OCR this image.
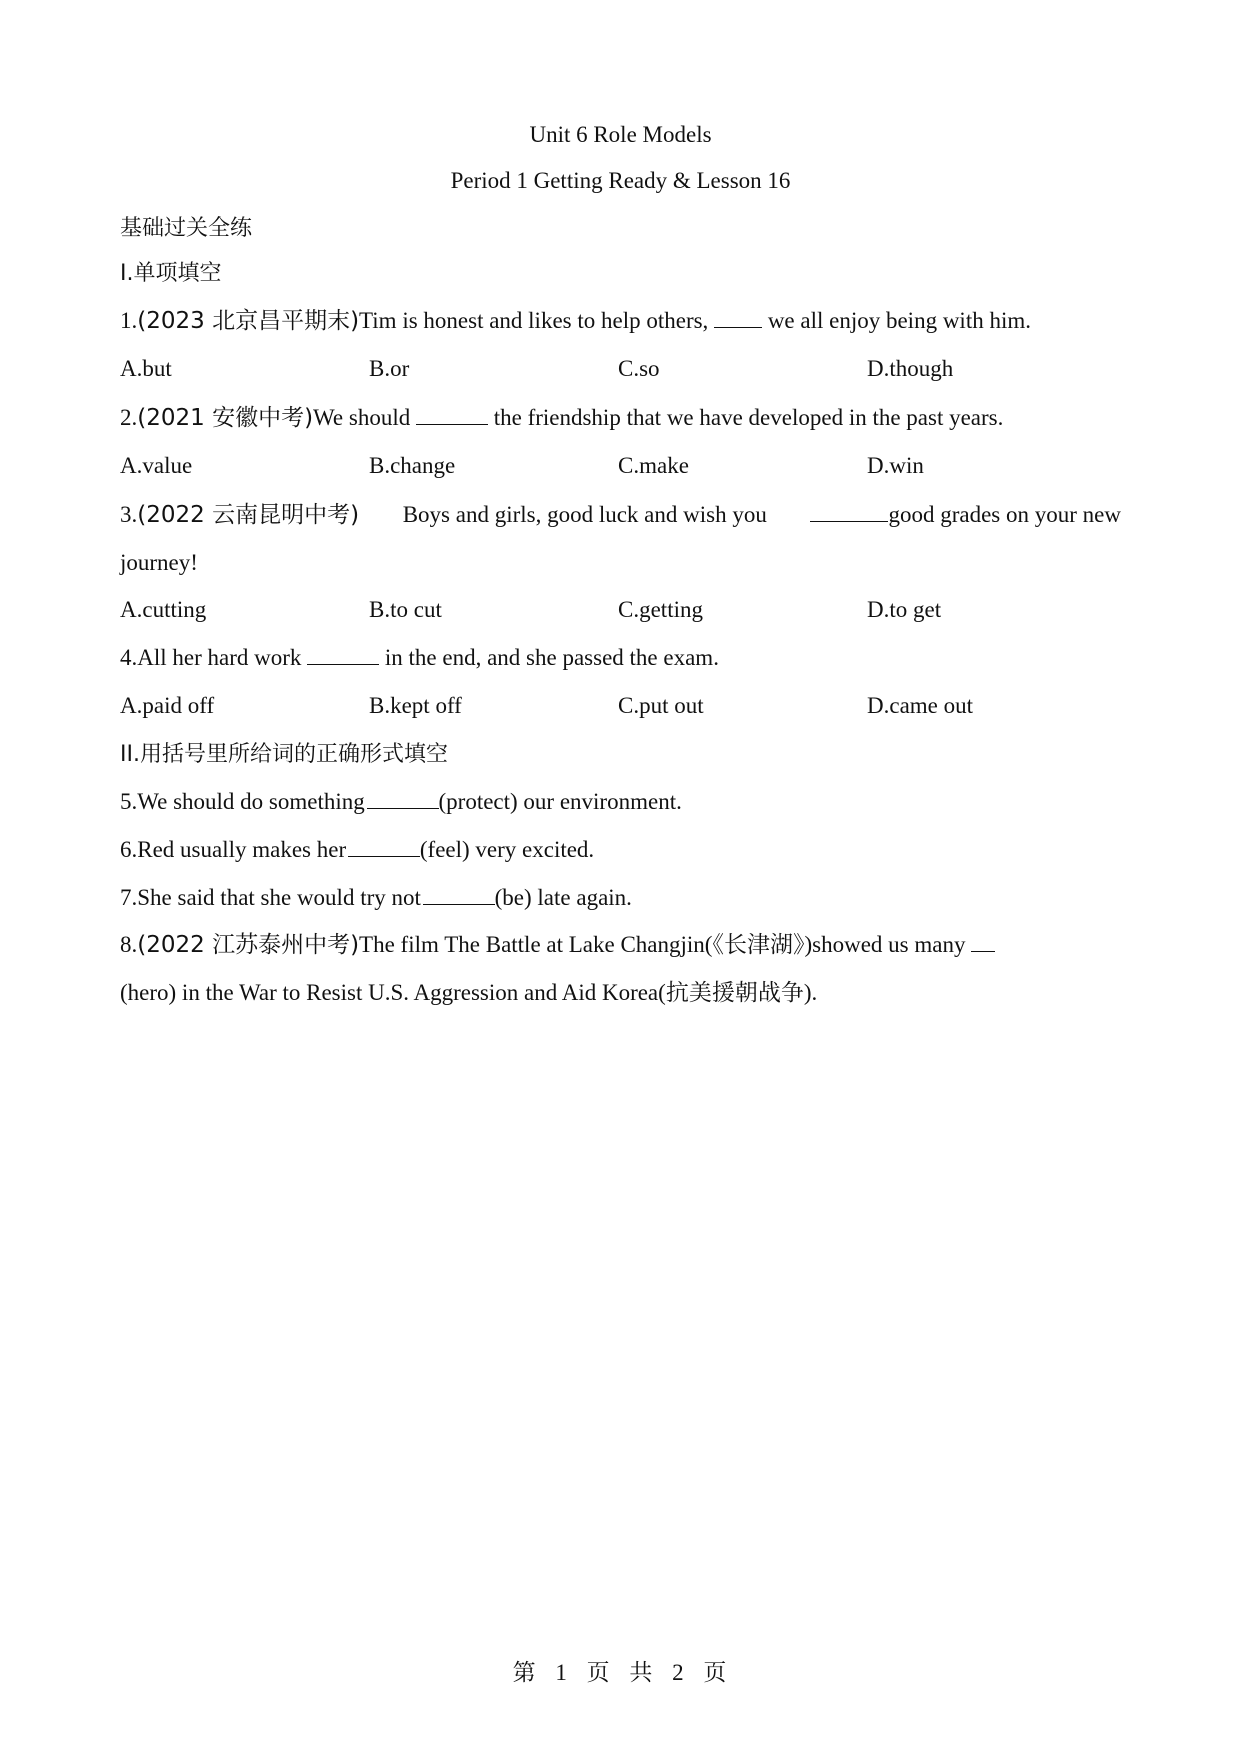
Unit 6 Role Models
Period 1 Getting Ready & Lesson 16
基础过关全练
I.单项填空
1.(2023 北京昌平期末)Tim is honest and likes to help others,	we all enjoy being with him.
A.but	B.or	C.so	D.though
2.(2021 安徽中考)We should	the friendship that we have developed in the past years.
A.value	B.change	C.make	D.win
3.(2022 云南昆明中考) Boys and girls, good luck and wish you	good grades on your new
journey!
A.cutting	B.to cut	C.getting	D.to get
4.All her hard work	in the end, and she passed the exam.
A.paid off	B.kept off	C.put out	D.came out
II.用括号里所给词的正确形式填空
5.We should do something	(protect) our environment.
6.Red usually makes her	(feel) very excited.
7.She said that she would try not	(be) late again.
8.(2022 江苏泰州中考)The film The Battle at Lake Changjin(《长津湖》)showed us many
(hero) in the War to Resist U.S. Aggression and Aid Korea(抗美援朝战争).
第 1 页 共 2 页
